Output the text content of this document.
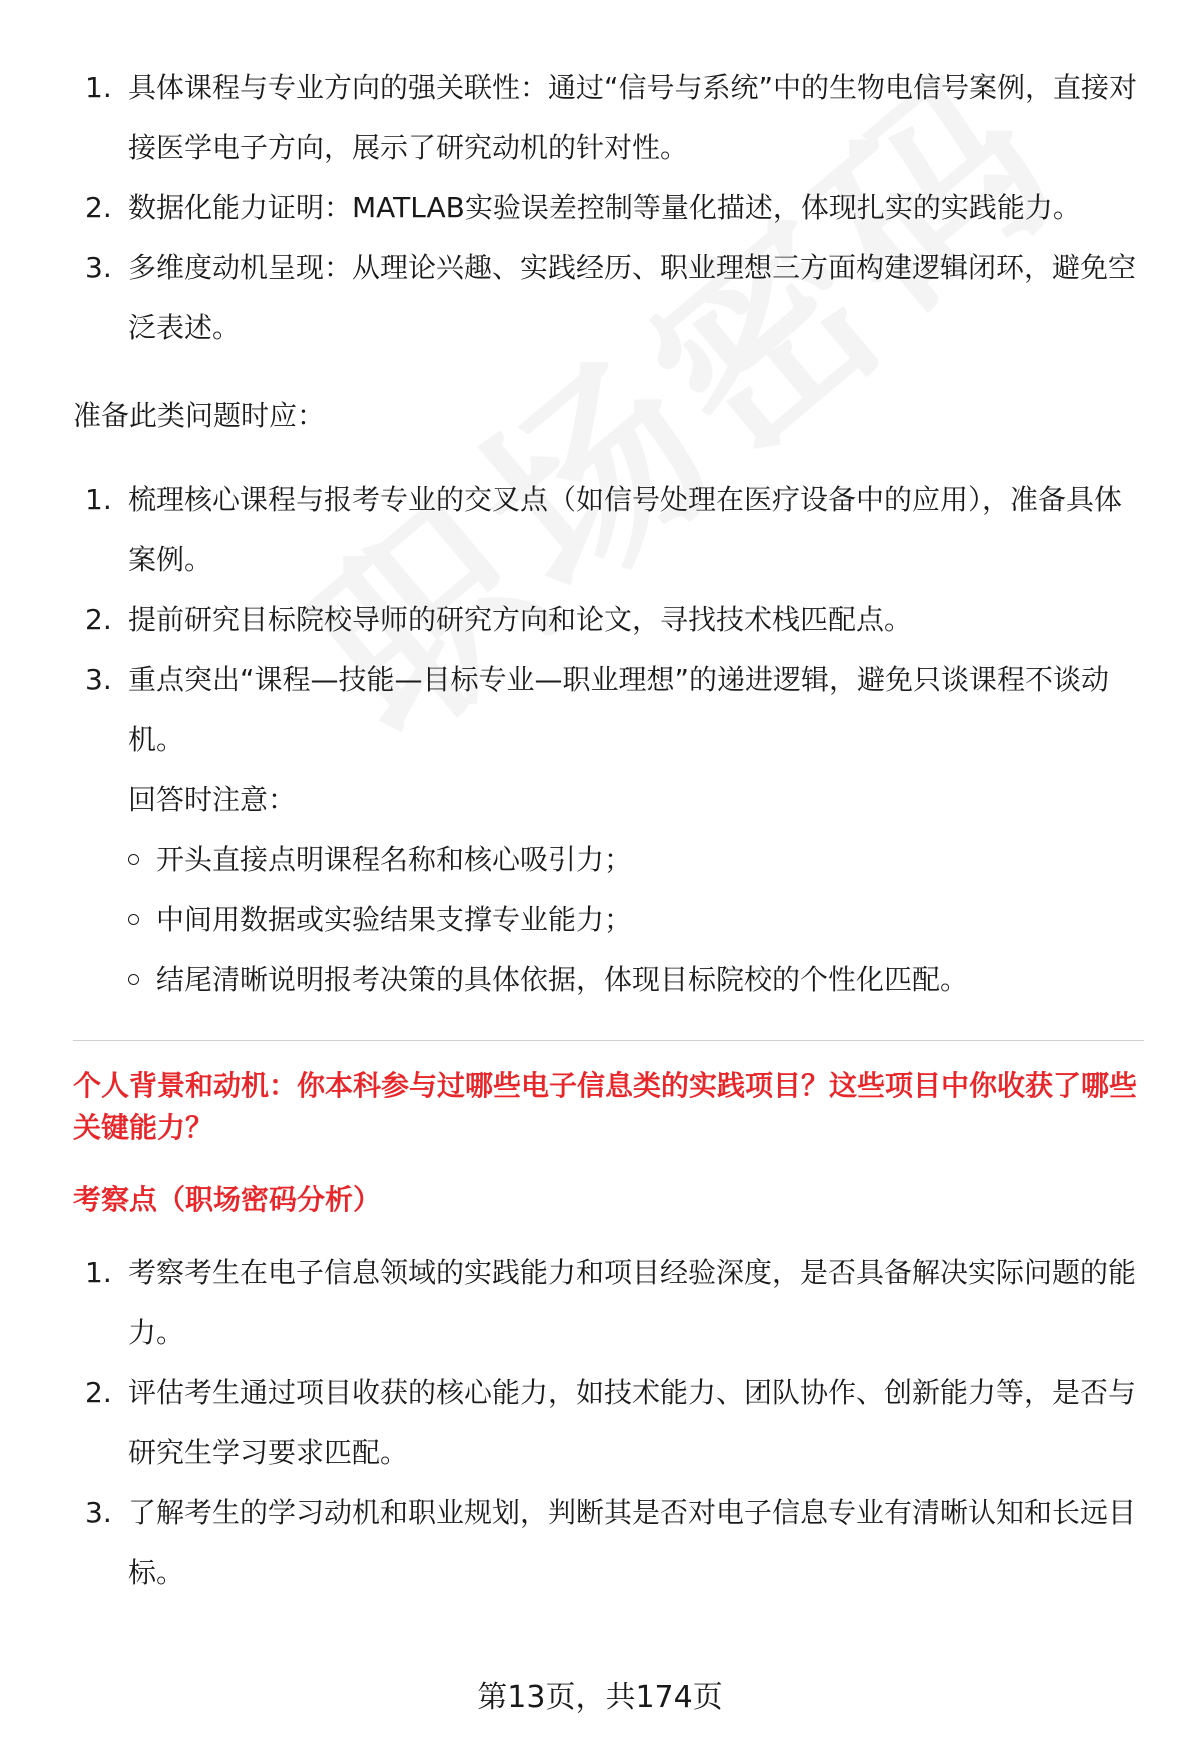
1. 具体课程与专业方向的强关联性：通过“信号与系统”中的生物电信号案例，直接对接医学电子方向，展示了研究动机的针对性。
2. 数据化能力证明：MATLAB实验误差控制等量化描述，体现扎实的实践能力。
3. 多维度动机呈现：从理论兴趣、实践经历、职业理想三方面构建逻辑闭环，避免空泛表述。

准备此类问题时应：

1. 梳理核心课程与报考专业的交叉点（如信号处理在医疗设备中的应用），准备具体案例。
2. 提前研究目标院校导师的研究方向和论文，寻找技术栈匹配点。
3. 重点突出“课程—技能—目标专业—职业理想”的递进逻辑，避免只谈课程不谈动机。

回答时注意：

开头直接点明课程名称和核心吸引力；
中间用数据或实验结果支撑专业能力；
结尾清晰说明报考决策的具体依据，体现目标院校的个性化匹配。

个人背景和动机：你本科参与过哪些电子信息类的实践项目？这些项目中你收获了哪些关键能力？

考察点（职场密码分析）

1. 考察考生在电子信息领域的实践能力和项目经验深度，是否具备解决实际问题的能力。
2. 评估考生通过项目收获的核心能力，如技术能力、团队协作、创新能力等，是否与研究生学习要求匹配。
3. 了解考生的学习动机和职业规划，判断其是否对电子信息专业有清晰认知和长远目标。
第13页，共174页
